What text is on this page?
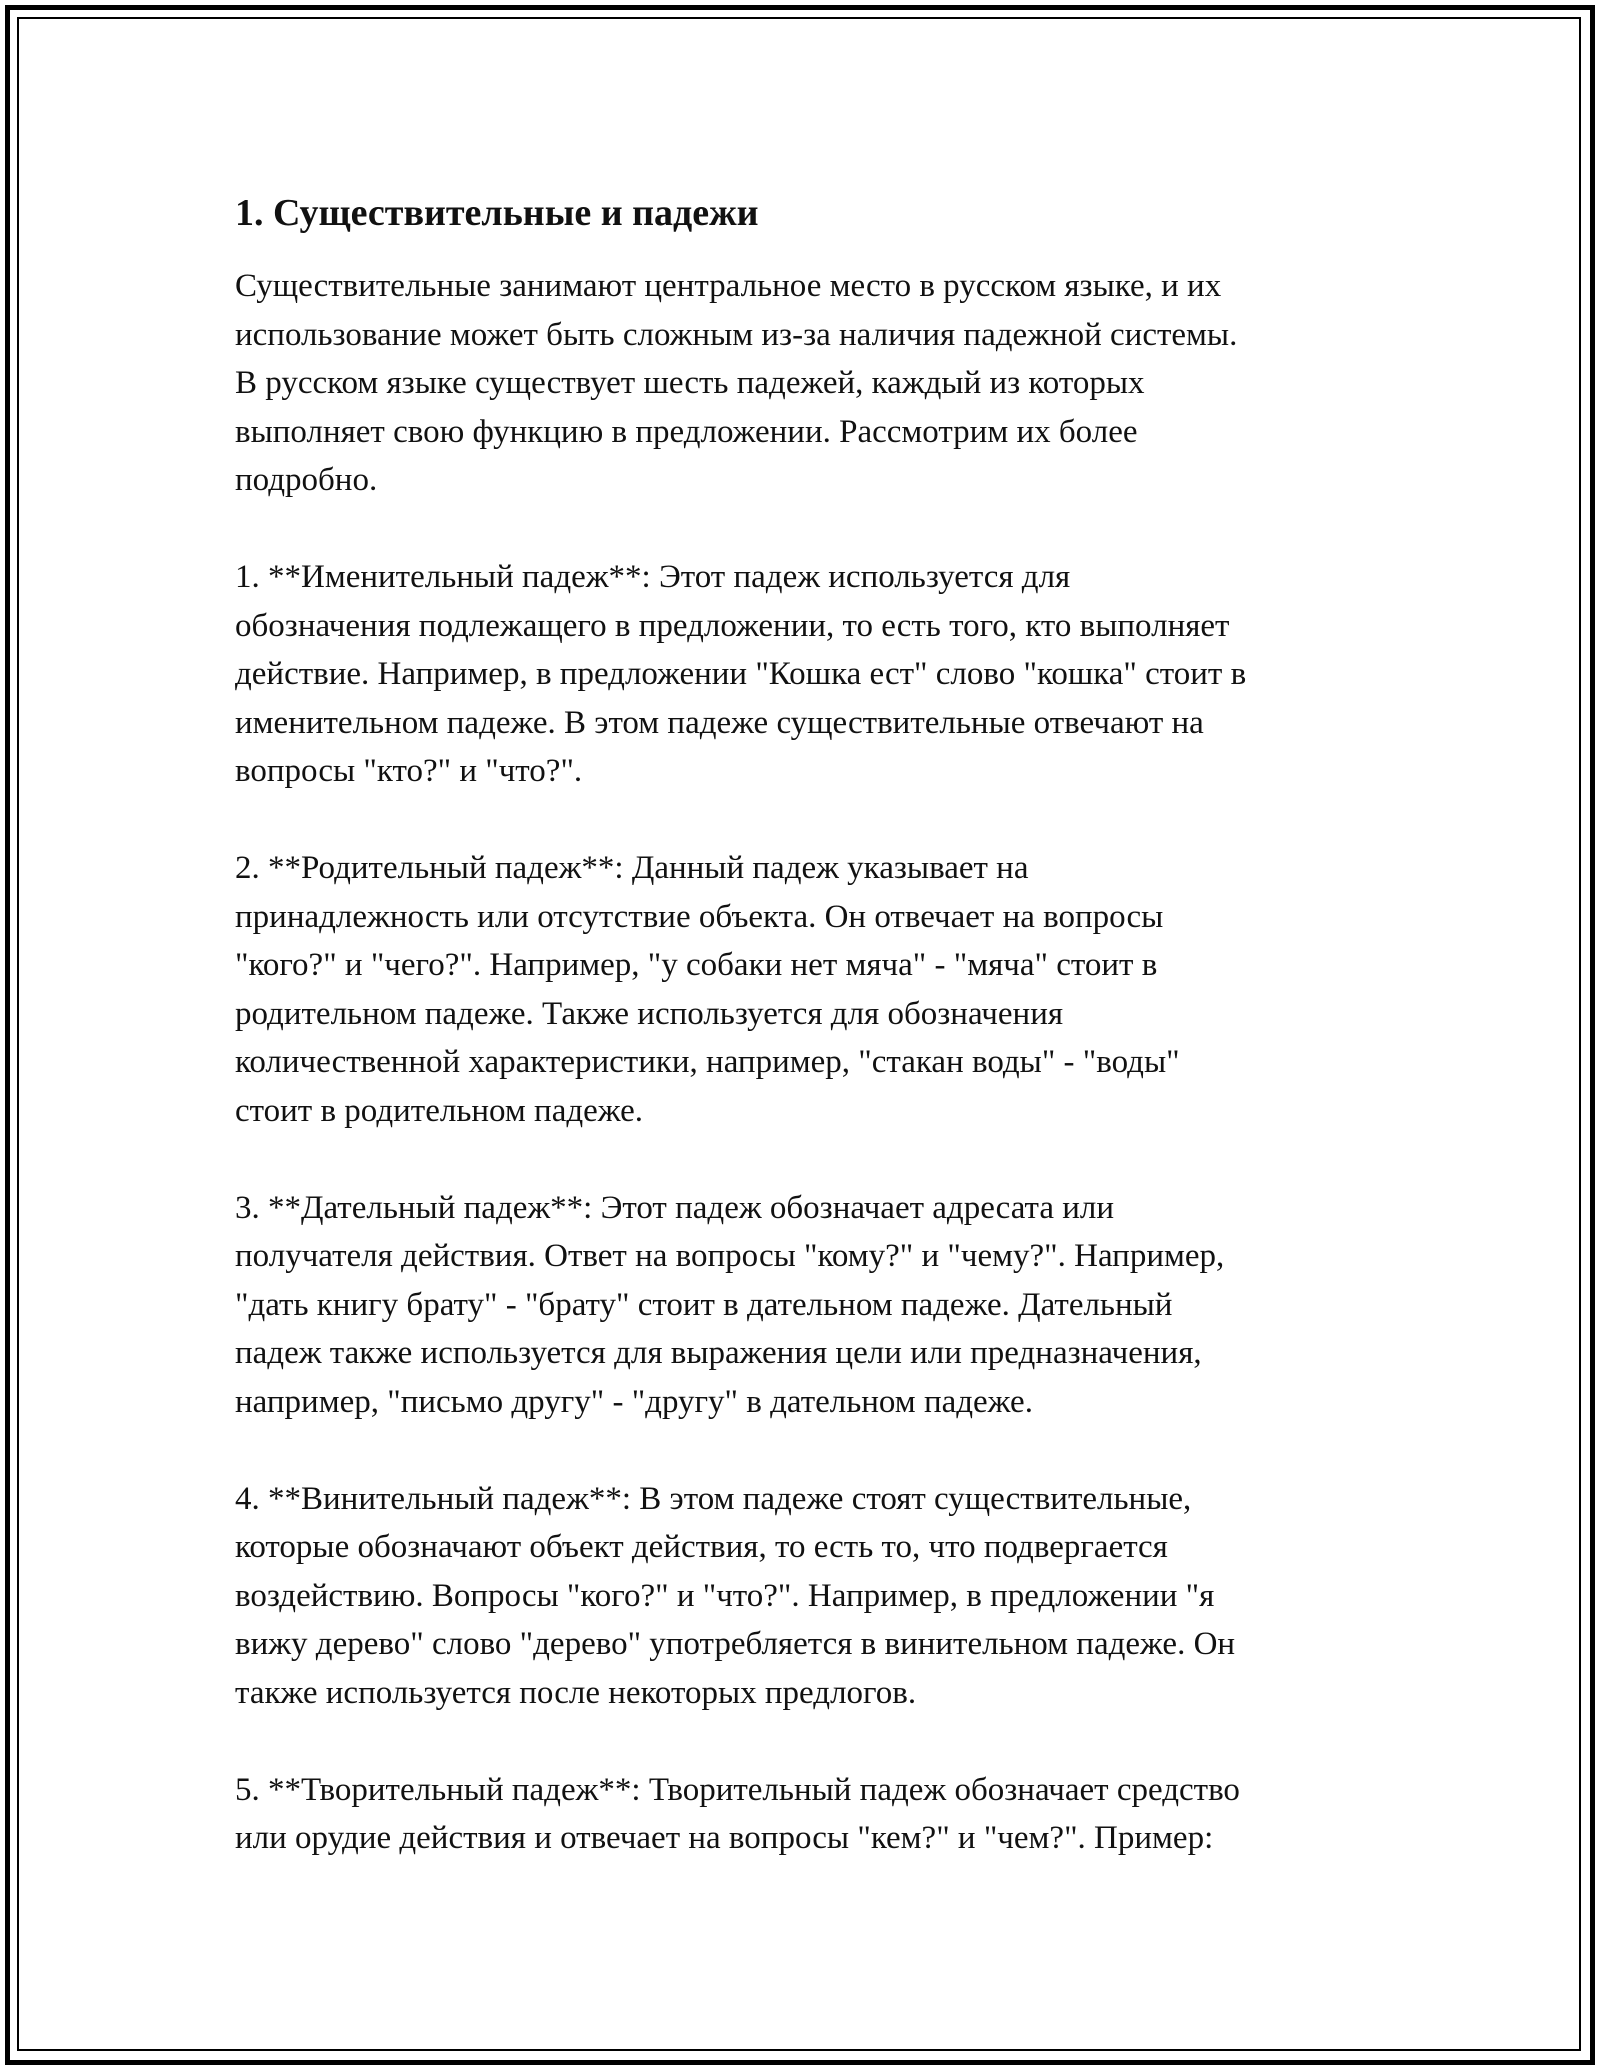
1. Существительные и падежи

Существительные занимают центральное место в русском языке, и их
использование может быть сложным из-за наличия падежной системы.
В русском языке существует шесть падежей, каждый из которых
выполняет свою функцию в предложении. Рассмотрим их более
подробно.

1. **Именительный падеж**: Этот падеж используется для
обозначения подлежащего в предложении, то есть того, кто выполняет
действие. Например, в предложении "Кошка ест" слово "кошка" стоит в
именительном падеже. В этом падеже существительные отвечают на
вопросы "кто?" и "что?".

2. **Родительный падеж**: Данный падеж указывает на
принадлежность или отсутствие объекта. Он отвечает на вопросы
"кого?" и "чего?". Например, "у собаки нет мяча" - "мяча" стоит в
родительном падеже. Также используется для обозначения
количественной характеристики, например, "стакан воды" - "воды"
стоит в родительном падеже.

3. **Дательный падеж**: Этот падеж обозначает адресата или
получателя действия. Ответ на вопросы "кому?" и "чему?". Например,
"дать книгу брату" - "брату" стоит в дательном падеже. Дательный
падеж также используется для выражения цели или предназначения,
например, "письмо другу" - "другу" в дательном падеже.

4. **Винительный падеж**: В этом падеже стоят существительные,
которые обозначают объект действия, то есть то, что подвергается
воздействию. Вопросы "кого?" и "что?". Например, в предложении "я
вижу дерево" слово "дерево" употребляется в винительном падеже. Он
также используется после некоторых предлогов.

5. **Творительный падеж**: Творительный падеж обозначает средство
или орудие действия и отвечает на вопросы "кем?" и "чем?". Пример:
